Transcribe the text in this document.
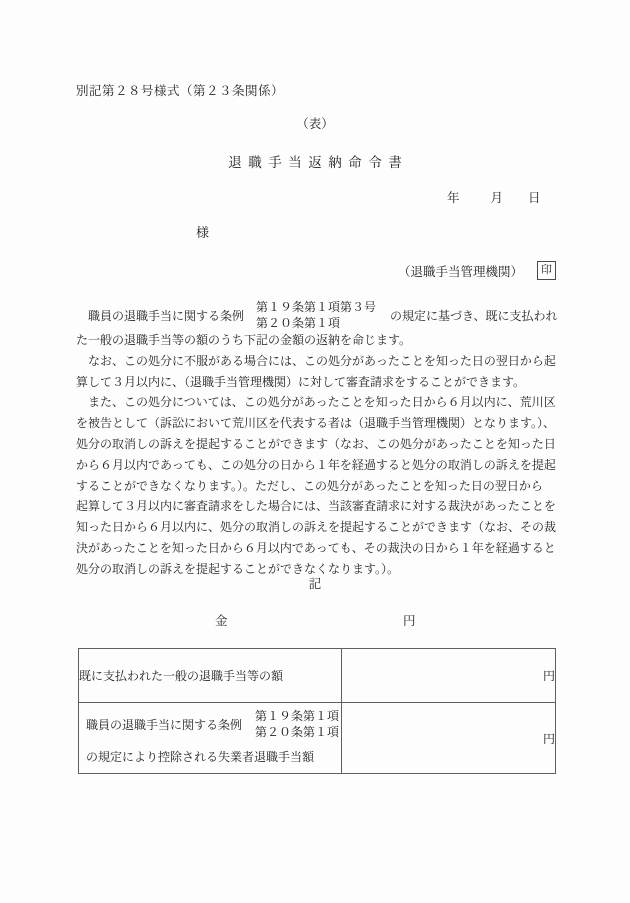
別記第２８号様式（第２３条関係）
（表）
退職手当返納命令書
年 月 日
様
（退職手当管理機関） 印
　職員の退職手当に関する条例
第１９条第１項第３号
第２０条第１項
の規定に基づき、既に支払われ
た一般の退職手当等の額のうち下記の金額の返納を命じます。
　なお、この処分に不服がある場合には、この処分があったことを知った日の翌日から起
算して３月以内に、（退職手当管理機関）に対して審査請求をすることができます。
　また、この処分については、この処分があったことを知った日から６月以内に、荒川区
を被告として（訴訟において荒川区を代表する者は（退職手当管理機関）となります。）、
処分の取消しの訴えを提起することができます（なお、この処分があったことを知った日
から６月以内であっても、この処分の日から１年を経過すると処分の取消しの訴えを提起
することができなくなります。）。ただし、この処分があったことを知った日の翌日から
起算して３月以内に審査請求をした場合には、当該審査請求に対する裁決があったことを
知った日から６月以内に、処分の取消しの訴えを提起することができます（なお、その裁
決があったことを知った日から６月以内であっても、その裁決の日から１年を経過すると
処分の取消しの訴えを提起することができなくなります。）。
記
金	円
既に支払われた一般の退職手当等の額	円

職員の退職手当に関する条例
第１９条第１項
第２０条第１項
の規定により控除される失業者退職手当額	円
